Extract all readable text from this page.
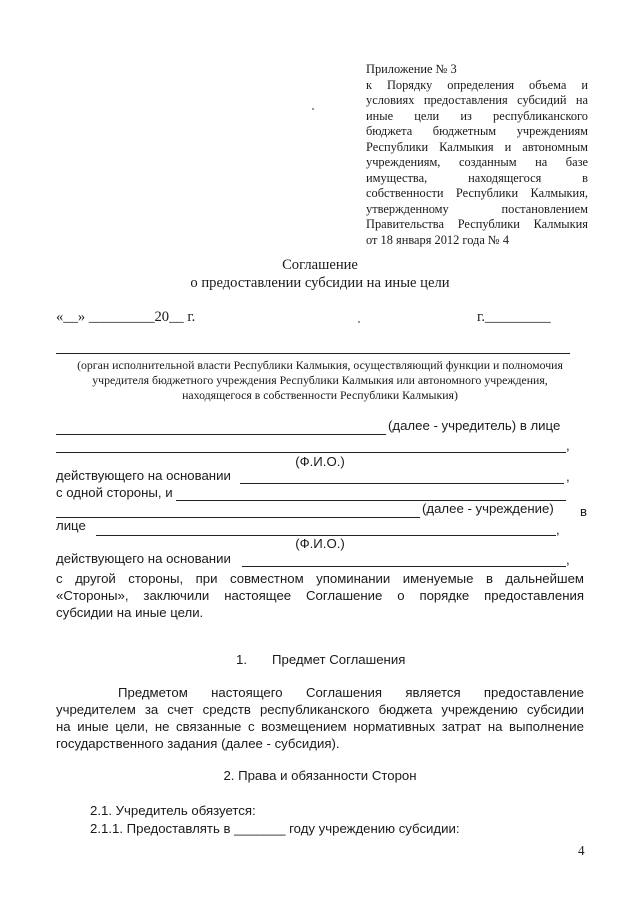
Приложение № 3
к Порядку определения объема и
условиях предоставления субсидий на
иные цели из республиканского
бюджета бюджетным учреждениям
Республики Калмыкия и автономным
учреждениям, созданным на базе
имущества, находящегося в
собственности Республики Калмыкия,
утвержденному постановлением
Правительства Республики Калмыкия
от 18 января 2012 года № 4
Соглашение
о предоставлении субсидии на иные цели
«__» _________20__ г.	г._________
(орган исполнительной власти Республики Калмыкия, осуществляющий функции и полномочия
учредителя бюджетного учреждения Республики Калмыкия или автономного учреждения,
находящегося в собственности Республики Калмыкия)
(далее - учредитель) в лице
,
(Ф.И.О.)
действующего на основании	,
с одной стороны, и
(далее - учреждение) в
лице	,
(Ф.И.О.)
действующего на основании	,
с другой стороны, при совместном упоминании именуемые в дальнейшем
«Стороны», заключили настоящее Соглашение о порядке предоставления
субсидии на иные цели.
1. Предмет Соглашения
Предметом настоящего Соглашения является предоставление
учредителем за счет средств республиканского бюджета учреждению субсидии
на иные цели, не связанные с возмещением нормативных затрат на выполнение
государственного задания (далее - субсидия).
2. Права и обязанности Сторон
2.1. Учредитель обязуется:
2.1.1. Предоставлять в _______ году учреждению субсидии:
4
